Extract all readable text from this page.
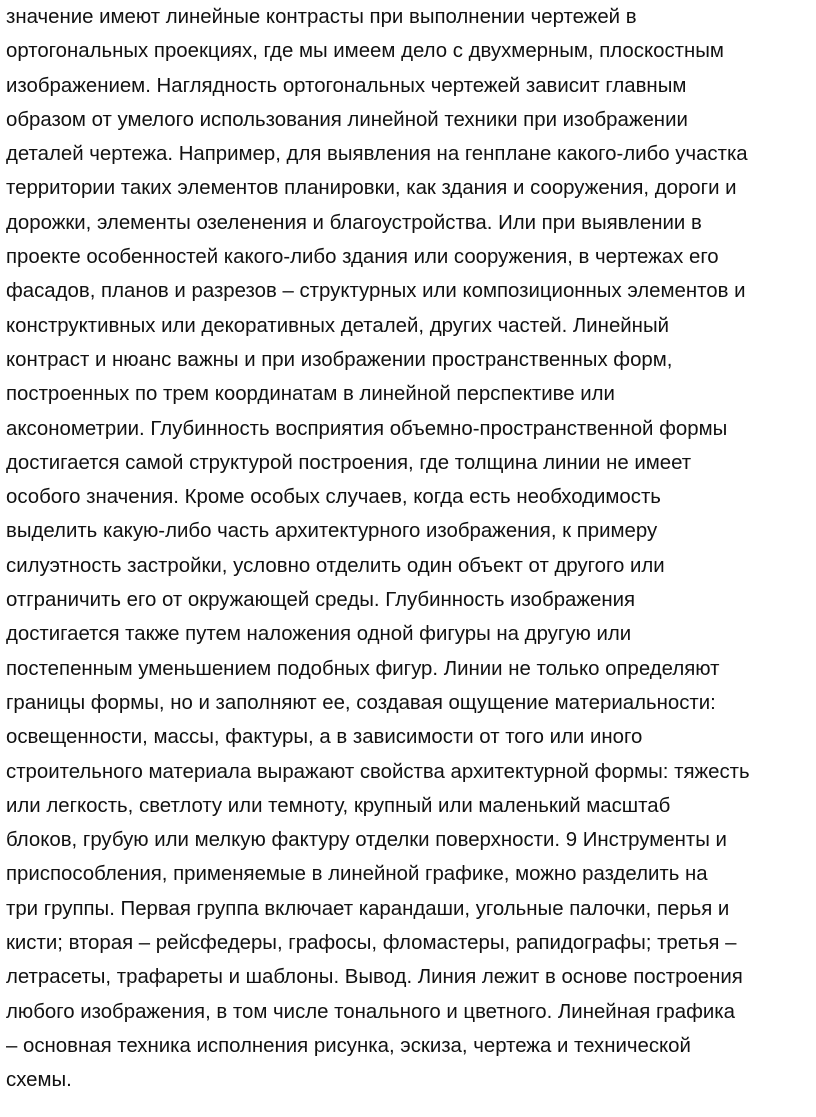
значение имеют линейные контрасты при выполнении чертежей в
ортогональных проекциях, где мы имеем дело с двухмерным, плоскостным
изображением. Наглядность ортогональных чертежей зависит главным
образом от умелого использования линейной техники при изображении
деталей чертежа. Например, для выявления на генплане какого-либо участка
территории таких элементов планировки, как здания и сооружения, дороги и
дорожки, элементы озеленения и благоустройства. Или при выявлении в
проекте особенностей какого-либо здания или сооружения, в чертежах его
фасадов, планов и разрезов – структурных или композиционных элементов и
конструктивных или декоративных деталей, других частей. Линейный
контраст и нюанс важны и при изображении пространственных форм,
построенных по трем координатам в линейной перспективе или
аксонометрии. Глубинность восприятия объемно-пространственной формы
достигается самой структурой построения, где толщина линии не имеет
особого значения. Кроме особых случаев, когда есть необходимость
выделить какую-либо часть архитектурного изображения, к примеру
силуэтность застройки, условно отделить один объект от другого или
отграничить его от окружающей среды. Глубинность изображения
достигается также путем наложения одной фигуры на другую или
постепенным уменьшением подобных фигур. Линии не только определяют
границы формы, но и заполняют ее, создавая ощущение материальности:
освещенности, массы, фактуры, а в зависимости от того или иного
строительного материала выражают свойства архитектурной формы: тяжесть
или легкость, светлоту или темноту, крупный или маленький масштаб
блоков, грубую или мелкую фактуру отделки поверхности. 9 Инструменты и
приспособления, применяемые в линейной графике, можно разделить на
три группы. Первая группа включает карандаши, угольные палочки, перья и
кисти; вторая – рейсфедеры, графосы, фломастеры, рапидографы; третья –
летрасеты, трафареты и шаблоны. Вывод. Линия лежит в основе построения
любого изображения, в том числе тонального и цветного. Линейная графика
– основная техника исполнения рисунка, эскиза, чертежа и технической
схемы.
